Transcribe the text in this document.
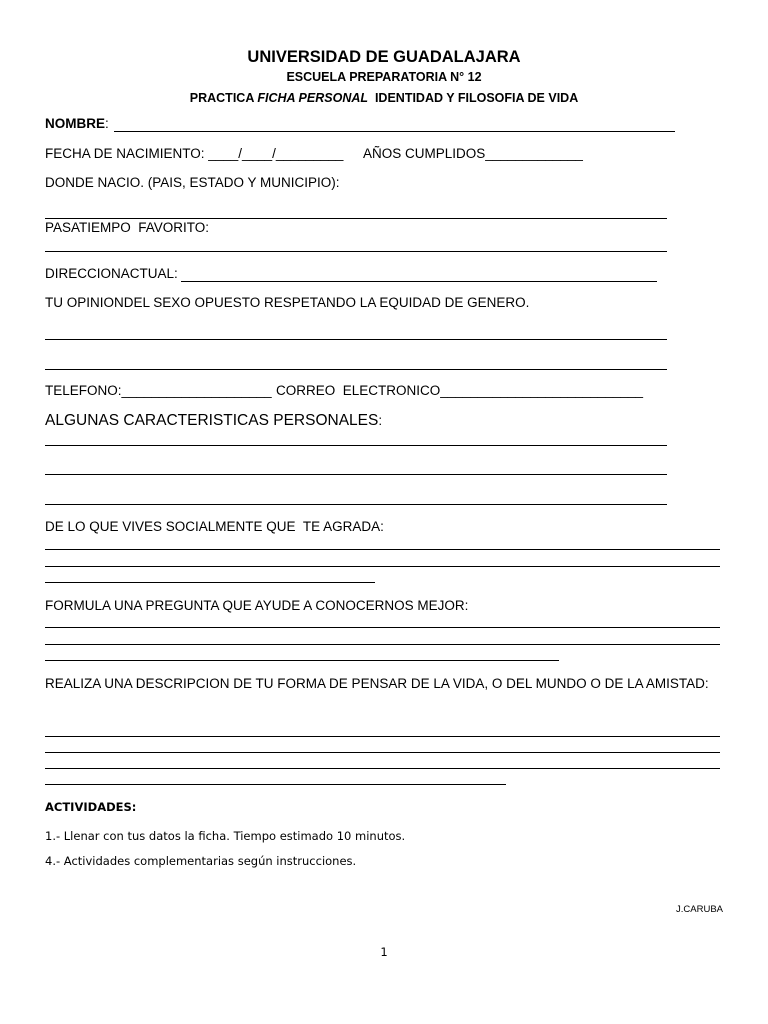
UNIVERSIDAD DE GUADALAJARA
ESCUELA PREPARATORIA N° 12
PRACTICA FICHA PERSONAL  IDENTIDAD Y FILOSOFIA DE VIDA
NOMBRE:
FECHA DE NACIMIENTO: ____/____/_________ AÑOS CUMPLIDOS_____________
DONDE NACIO. (PAIS, ESTADO Y MUNICIPIO):
PASATIEMPO  FAVORITO:
DIRECCIONACTUAL:
TU OPINIONDEL SEXO OPUESTO RESPETANDO LA EQUIDAD DE GENERO.
TELEFONO:____________________ CORREO  ELECTRONICO___________________________
ALGUNAS CARACTERISTICAS PERSONALES:
DE LO QUE VIVES SOCIALMENTE QUE  TE AGRADA:
FORMULA UNA PREGUNTA QUE AYUDE A CONOCERNOS MEJOR:
REALIZA UNA DESCRIPCION DE TU FORMA DE PENSAR DE LA VIDA, O DEL MUNDO O DE LA AMISTAD:
ACTIVIDADES:
1.- Llenar con tus datos la ficha. Tiempo estimado 10 minutos.
4.- Actividades complementarias según instrucciones.
J.CARUBA
1
